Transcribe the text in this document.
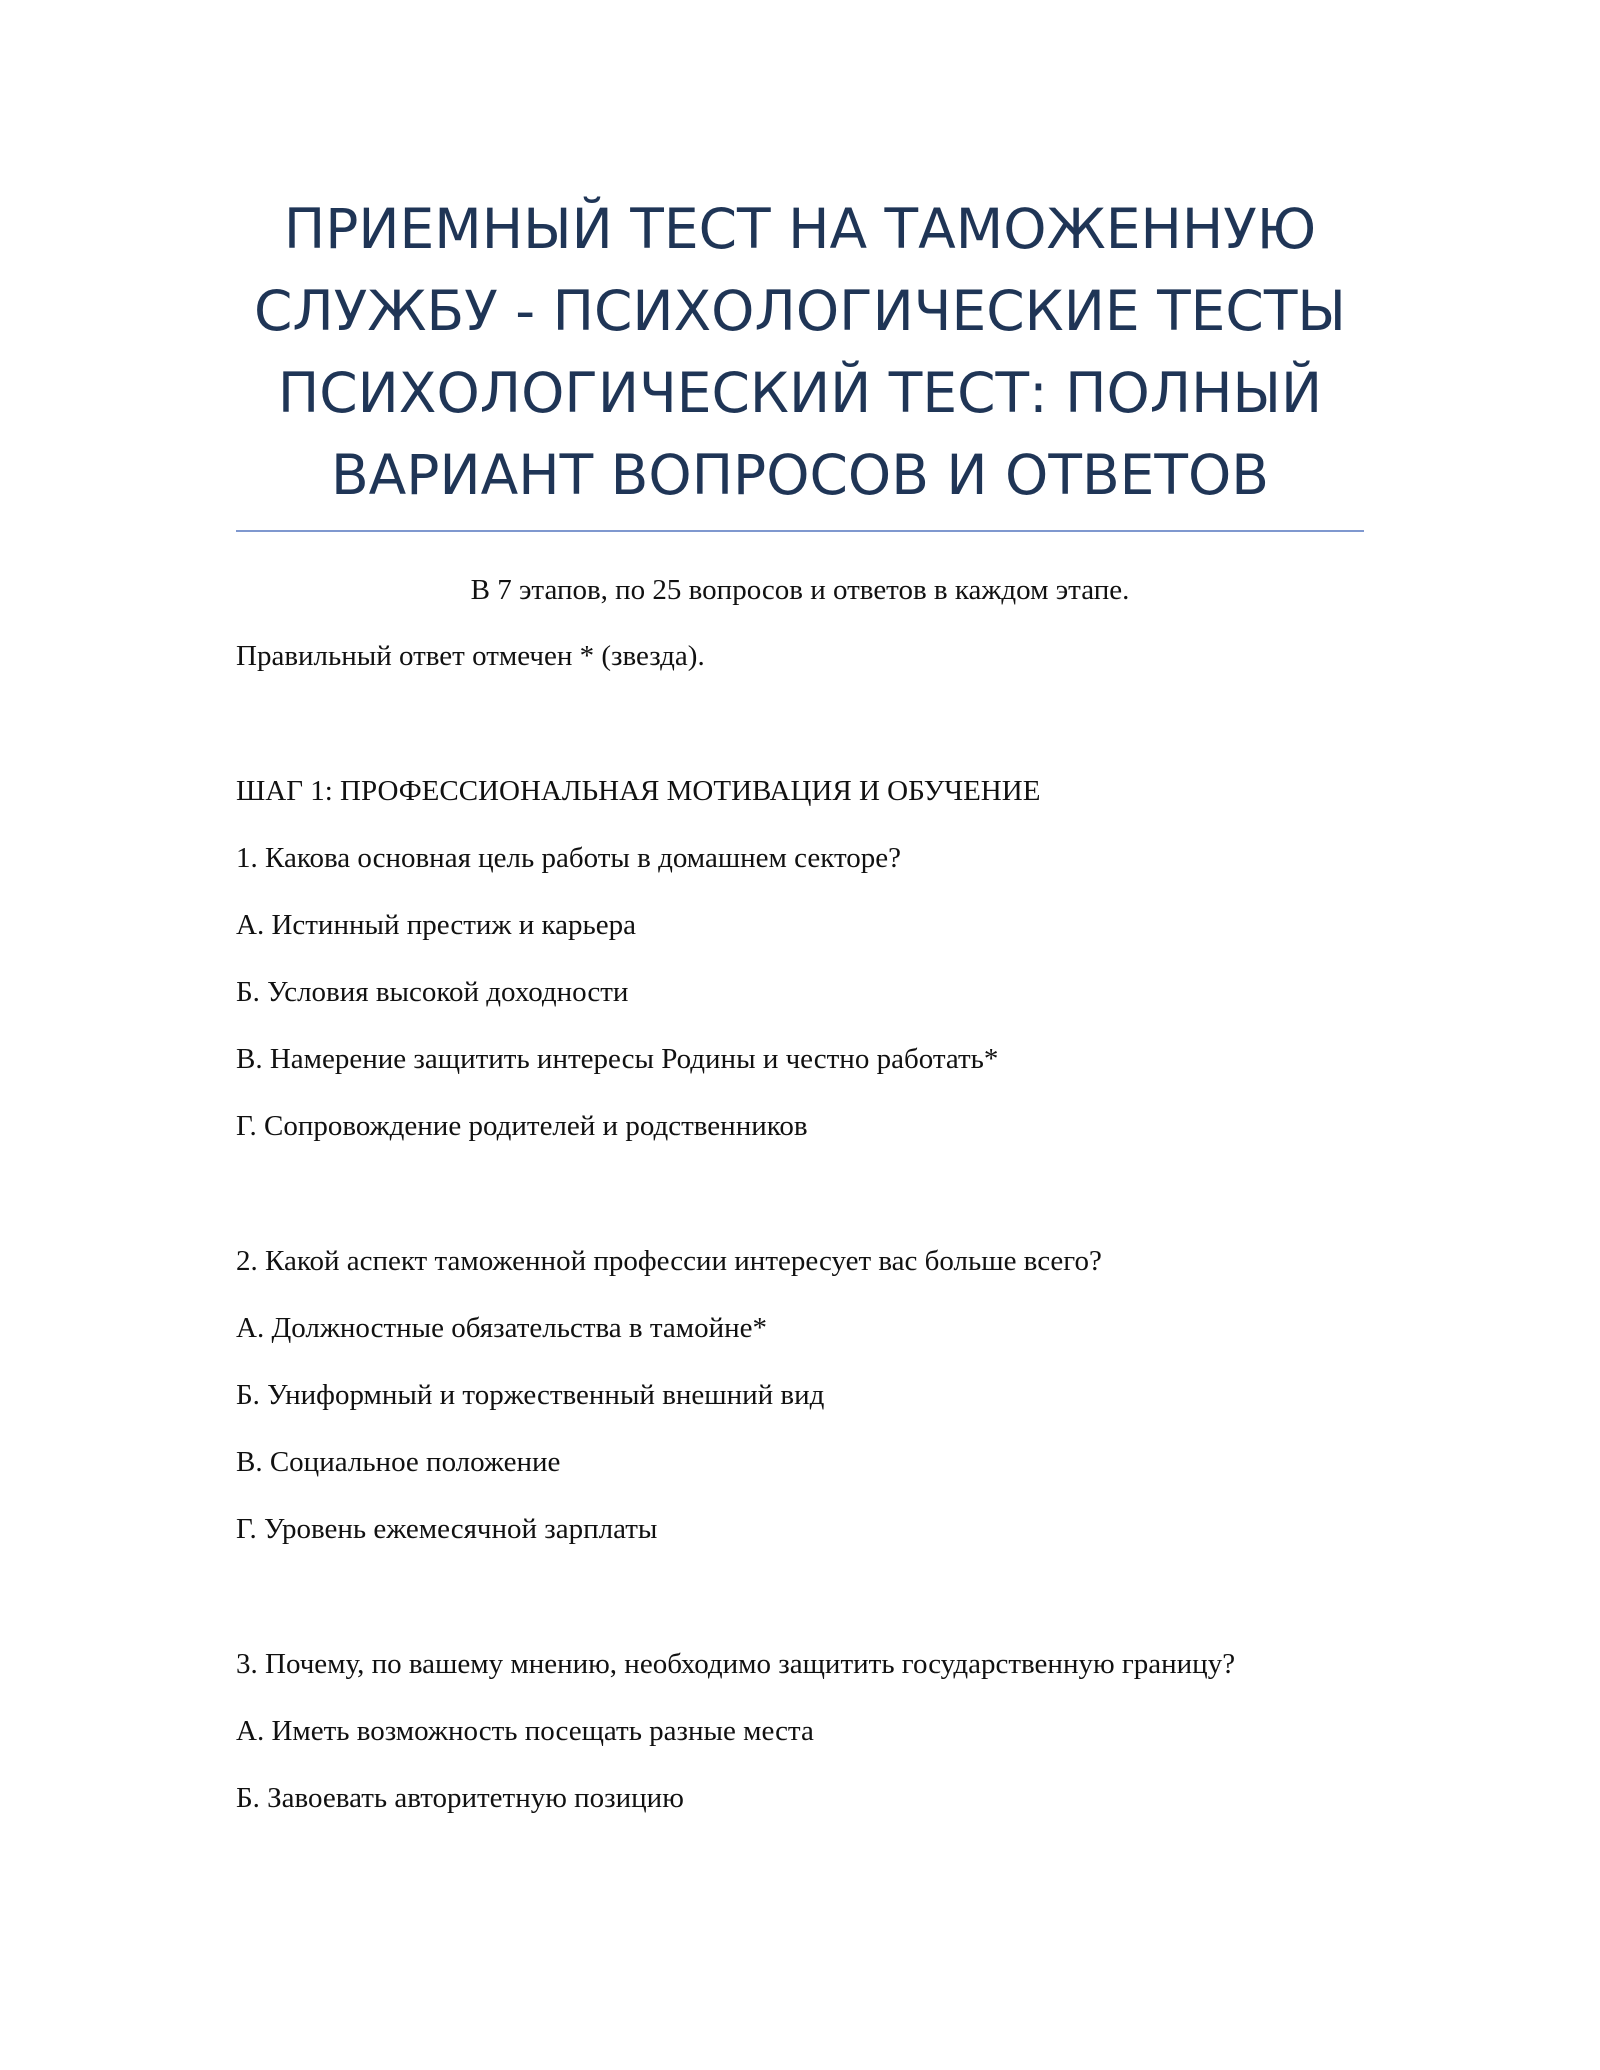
ПРИЕМНЫЙ ТЕСТ НА ТАМОЖЕННУЮ
СЛУЖБУ - ПСИХОЛОГИЧЕСКИЕ ТЕСТЫ
ПСИХОЛОГИЧЕСКИЙ ТЕСТ: ПОЛНЫЙ
ВАРИАНТ ВОПРОСОВ И ОТВЕТОВ

В 7 этапов, по 25 вопросов и ответов в каждом этапе.

Правильный ответ отмечен * (звезда).

ШАГ 1: ПРОФЕССИОНАЛЬНАЯ МОТИВАЦИЯ И ОБУЧЕНИЕ

1. Какова основная цель работы в домашнем секторе?

А. Истинный престиж и карьера

Б. Условия высокой доходности

В. Намерение защитить интересы Родины и честно работать*

Г. Сопровождение родителей и родственников

2. Какой аспект таможенной профессии интересует вас больше всего?

А. Должностные обязательства в тамойне*

Б. Униформный и торжественный внешний вид

В. Социальное положение

Г. Уровень ежемесячной зарплаты

3. Почему, по вашему мнению, необходимо защитить государственную границу?

А. Иметь возможность посещать разные места

Б. Завоевать авторитетную позицию
